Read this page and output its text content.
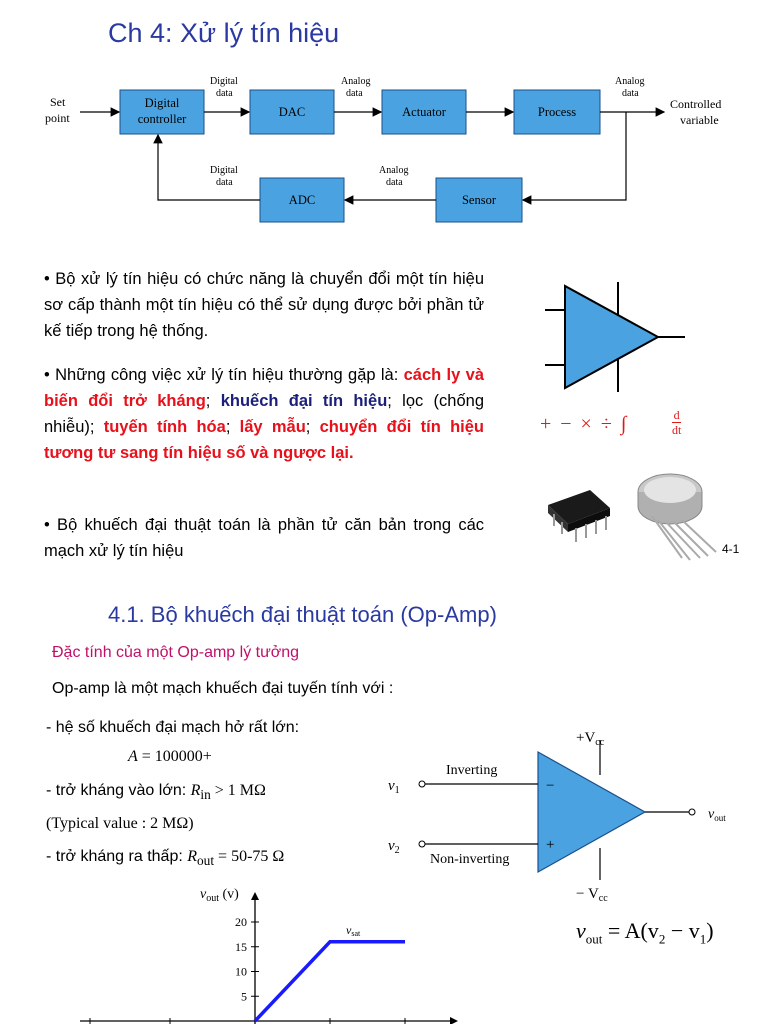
Ch 4: Xử lý tín hiệu
Set
point
Controlled
variable
Digital
data
Analog
data
Analog
data
Digital
data
Analog
data
Digital
controller	DAC	Actuator	Process
ADC	Sensor
• Bộ xử lý tín hiệu có chức năng là chuyển đổi một tín hiệu sơ cấp thành một tín hiệu có thể sử dụng được bởi phần tử kế tiếp trong hệ thống.
• Những công việc xử lý tín hiệu thường gặp là: cách ly và biến đổi trở kháng; khuếch đại tín hiệu; lọc (chống nhiễu); tuyến tính hóa; lấy mẫu; chuyển đổi tín hiệu tương tư sang tín hiệu số và ngược lại.
• Bộ khuếch đại thuật toán là phần tử căn bản trong các mạch xử lý tín hiệu
+ − × ÷ ∫	d
dt
4-1
4.1. Bộ khuếch đại thuật toán (Op-Amp)
Đặc tính của một Op-amp lý tưởng
Op-amp là một mạch khuếch đại tuyến tính với :
- hệ số khuếch đại mạch hở rất lớn:
A = 100000+
- trở kháng vào lớn: $R_{in} > 1$ MΩ
(Typical value : 2 MΩ)
- trở kháng ra thấp: $R_{out} = 50-75$ Ω
$+V_{cc}$
− $V_{cc}$
$v_1$
$v_2$
Inverting
Non-inverting
−
+
$v_{out}$
$v_{out} = A(v_2 - v_1)$
$v_{out}$ (v)
20
15
10
5
vsat
